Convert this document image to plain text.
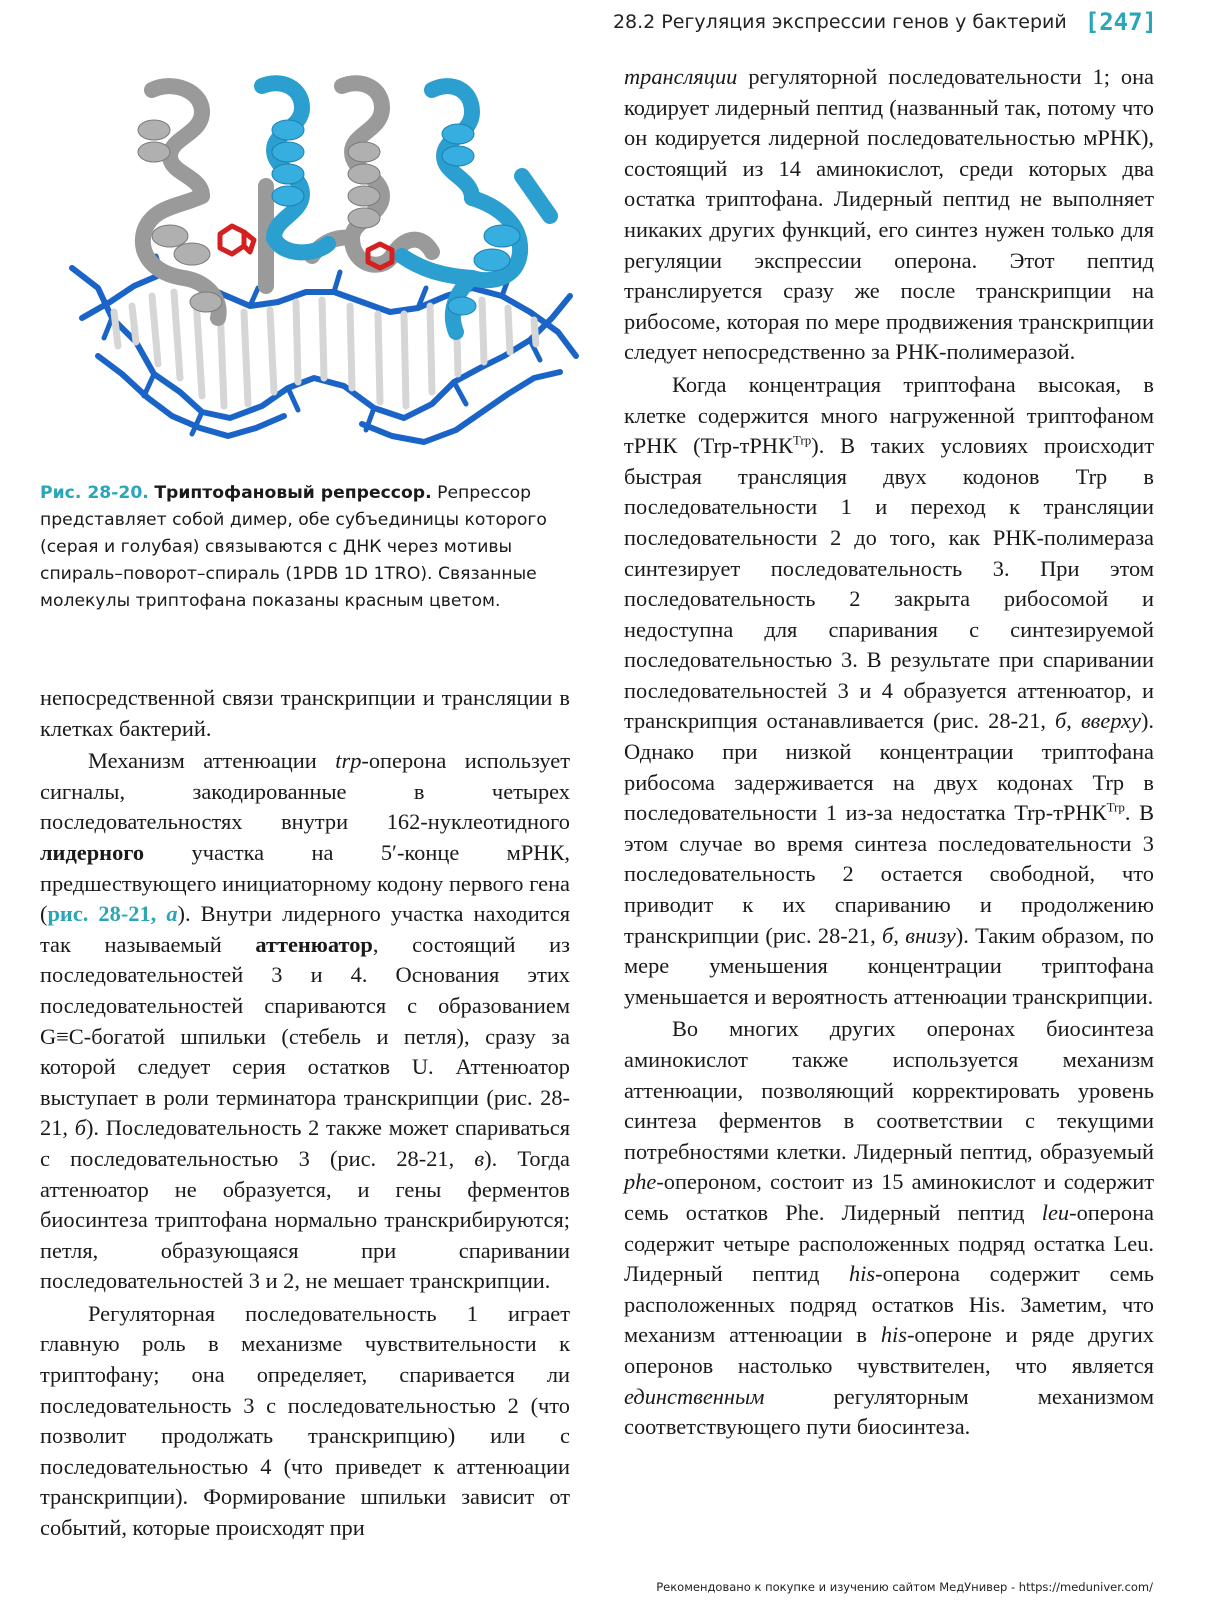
28.2 Регуляция экспрессии генов у бактерий [247]
Рис. 28-20. Триптофановый репрессор. Репрессор представляет собой димер, обе субъединицы которого (серая и голубая) связываются с ДНК через мотивы спираль–поворот–спираль (1PDB 1D 1TRO). Связанные молекулы триптофана показаны красным цветом.

непосредственной связи транскрипции и трансляции в клетках бактерий.

Механизм аттенюации trp-оперона использует сигналы, закодированные в четырех последовательностях внутри 162-нуклеотидного лидерного участка на 5′-конце мРНК, предшествующего инициаторному кодону первого гена (рис. 28-21, а). Внутри лидерного участка находится так называемый аттенюатор, состоящий из последовательностей 3 и 4. Основания этих последовательностей спариваются с образованием G≡C-богатой шпильки (стебель и петля), сразу за которой следует серия остатков U. Аттенюатор выступает в роли терминатора транскрипции (рис. 28-21, б). Последовательность 2 также может спариваться с последовательностью 3 (рис. 28-21, в). Тогда аттенюатор не образуется, и гены ферментов биосинтеза триптофана нормально транскрибируются; петля, образующаяся при спаривании последовательностей 3 и 2, не мешает транскрипции.

Регуляторная последовательность 1 играет главную роль в механизме чувствительности к триптофану; она определяет, спаривается ли последовательность 3 с последовательностью 2 (что позволит продолжать транскрипцию) или с последовательностью 4 (что приведет к аттенюации транскрипции). Формирование шпильки зависит от событий, которые происходят при

трансляции регуляторной последовательности 1; она кодирует лидерный пептид (названный так, потому что он кодируется лидерной последовательностью мРНК), состоящий из 14 аминокислот, среди которых два остатка триптофана. Лидерный пептид не выполняет никаких других функций, его синтез нужен только для регуляции экспрессии оперона. Этот пептид транслируется сразу же после транскрипции на рибосоме, которая по мере продвижения транскрипции следует непосредственно за РНК-полимеразой.

Когда концентрация триптофана высокая, в клетке содержится много нагруженной триптофаном тРНК (Trp-тРНК$^{Trp}$). В таких условиях происходит быстрая трансляция двух кодонов Trp в последовательности 1 и переход к трансляции последовательности 2 до того, как РНК-полимераза синтезирует последовательность 3. При этом последовательность 2 закрыта рибосомой и недоступна для спаривания с синтезируемой последовательностью 3. В результате при спаривании последовательностей 3 и 4 образуется аттенюатор, и транскрипция останавливается (рис. 28-21, б, вверху). Однако при низкой концентрации триптофана рибосома задерживается на двух кодонах Trp в последовательности 1 из-за недостатка Trp-тРНК$^{Trp}$. В этом случае во время синтеза последовательности 3 последовательность 2 остается свободной, что приводит к их спариванию и продолжению транскрипции (рис. 28-21, б, внизу). Таким образом, по мере уменьшения концентрации триптофана уменьшается и вероятность аттенюации транскрипции.

Во многих других оперонах биосинтеза аминокислот также используется механизм аттенюации, позволяющий корректировать уровень синтеза ферментов в соответствии с текущими потребностями клетки. Лидерный пептид, образуемый phe-опероном, состоит из 15 аминокислот и содержит семь остатков Phe. Лидерный пептид leu-оперона содержит четыре расположенных подряд остатка Leu. Лидерный пептид his-оперона содержит семь расположенных подряд остатков His. Заметим, что механизм аттенюации в his-опероне и ряде других оперонов настолько чувствителен, что является единственным регуляторным механизмом соответствующего пути биосинтеза.

Рекомендовано к покупке и изучению сайтом МедУнивер - https://meduniver.com/
